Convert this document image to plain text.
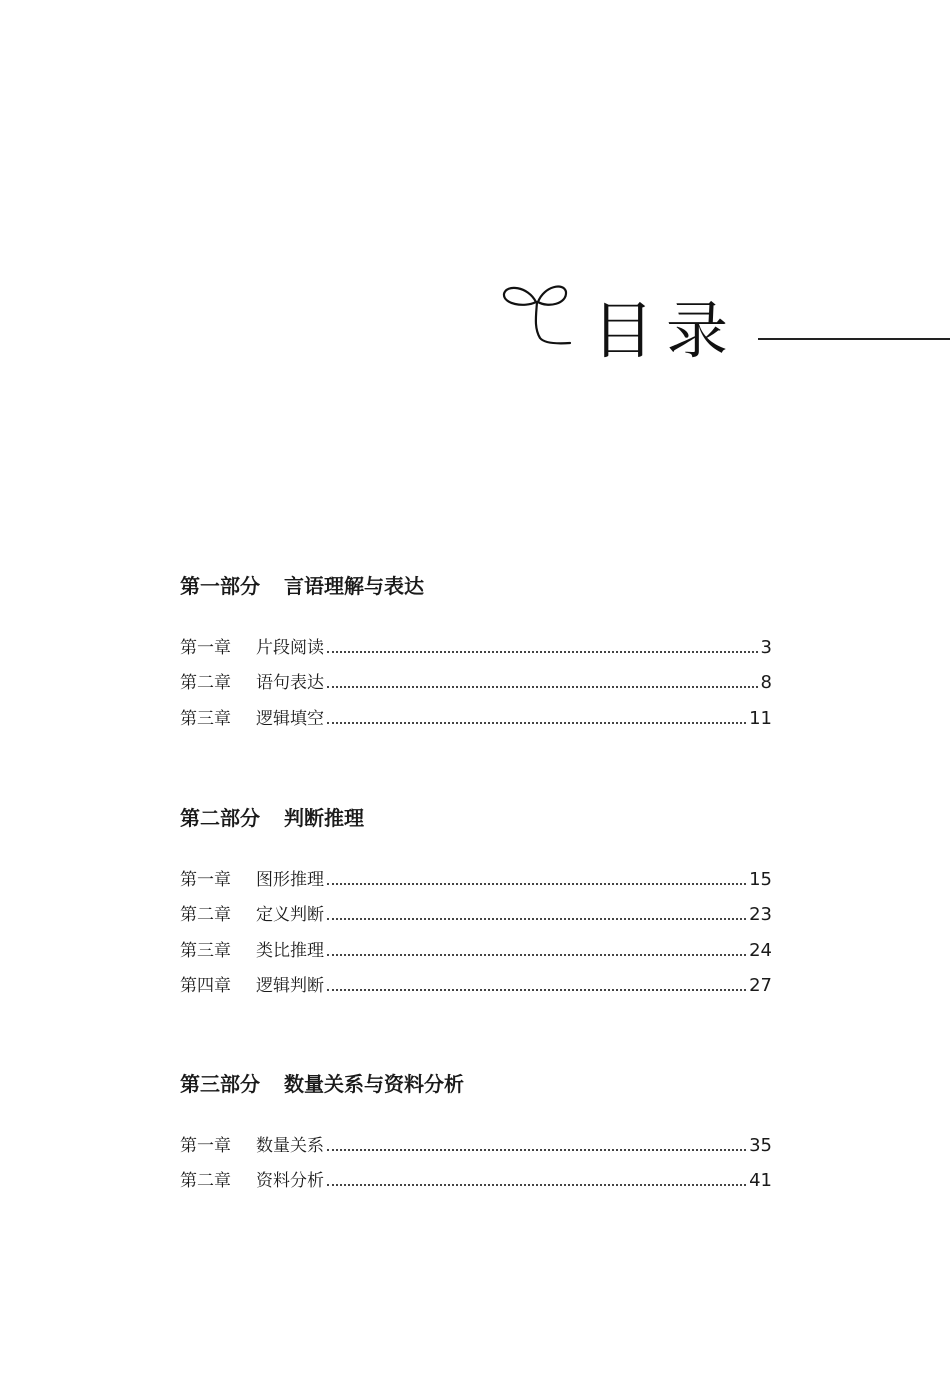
目录
第一部分 言语理解与表达
第一章	片段阅读	3
第二章	语句表达	8
第三章	逻辑填空	11
第二部分 判断推理
第一章	图形推理	15
第二章	定义判断	23
第三章	类比推理	24
第四章	逻辑判断	27
第三部分 数量关系与资料分析
第一章	数量关系	35
第二章	资料分析	41
